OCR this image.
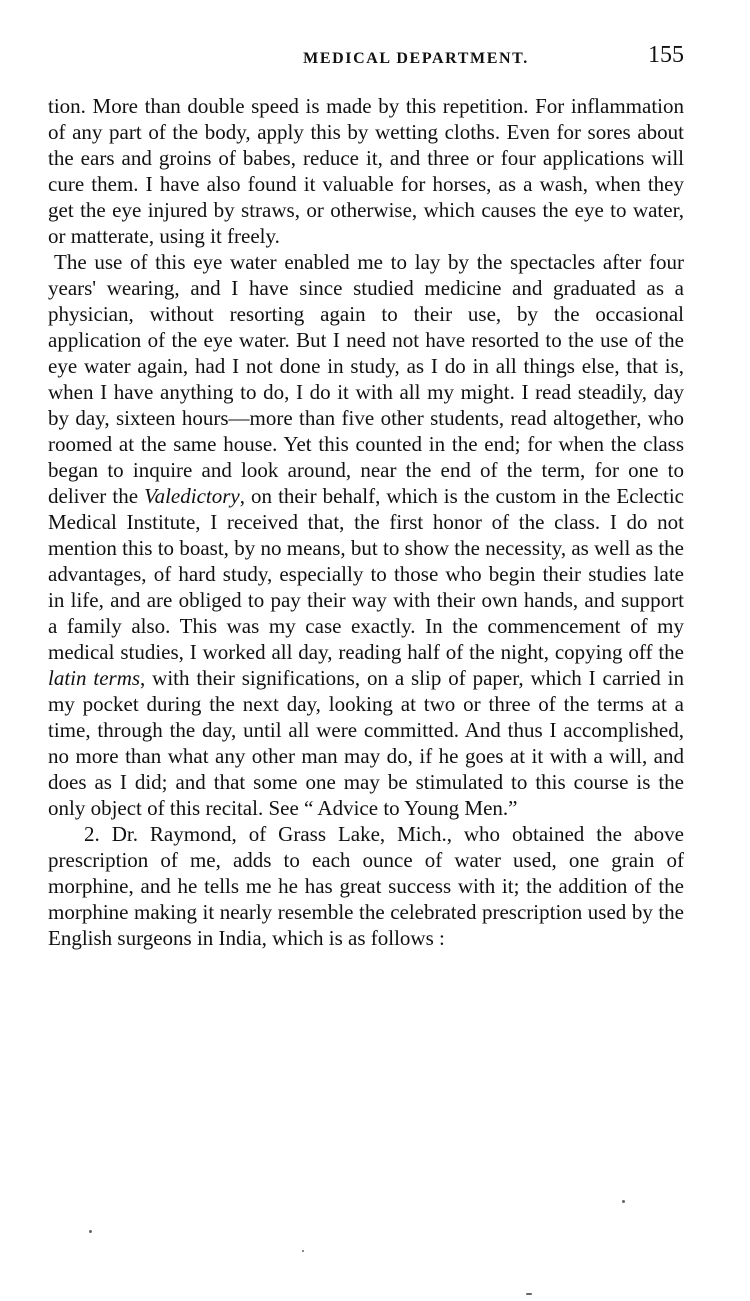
MEDICAL DEPARTMENT.	155

tion. More than double speed is made by this repetition. For inflammation of any part of the body, apply this by wetting cloths. Even for sores about the ears and groins of babes, reduce it, and three or four applications will cure them. I have also found it valuable for horses, as a wash, when they get the eye injured by straws, or otherwise, which causes the eye to water, or matterate, using it freely.

The use of this eye water enabled me to lay by the spectacles after four years' wearing, and I have since studied medicine and graduated as a physician, without resorting again to their use, by the occasional application of the eye water. But I need not have resorted to the use of the eye water again, had I not done in study, as I do in all things else, that is, when I have anything to do, I do it with all my might. I read steadily, day by day, sixteen hours—more than five other students, read altogether, who roomed at the same house. Yet this counted in the end; for when the class began to inquire and look around, near the end of the term, for one to deliver the Valedictory, on their behalf, which is the custom in the Eclectic Medical Institute, I received that, the first honor of the class. I do not mention this to boast, by no means, but to show the necessity, as well as the advantages, of hard study, especially to those who begin their studies late in life, and are obliged to pay their way with their own hands, and support a family also. This was my case exactly. In the commencement of my medical studies, I worked all day, reading half of the night, copying off the latin terms, with their significations, on a slip of paper, which I carried in my pocket during the next day, looking at two or three of the terms at a time, through the day, until all were committed. And thus I accomplished, no more than what any other man may do, if he goes at it with a will, and does as I did; and that some one may be stimulated to this course is the only object of this recital. See “ Advice to Young Men.”

2. Dr. Raymond, of Grass Lake, Mich., who obtained the above prescription of me, adds to each ounce of water used, one grain of morphine, and he tells me he has great success with it; the addition of the morphine making it nearly resemble the celebrated prescription used by the English surgeons in India, which is as follows :
